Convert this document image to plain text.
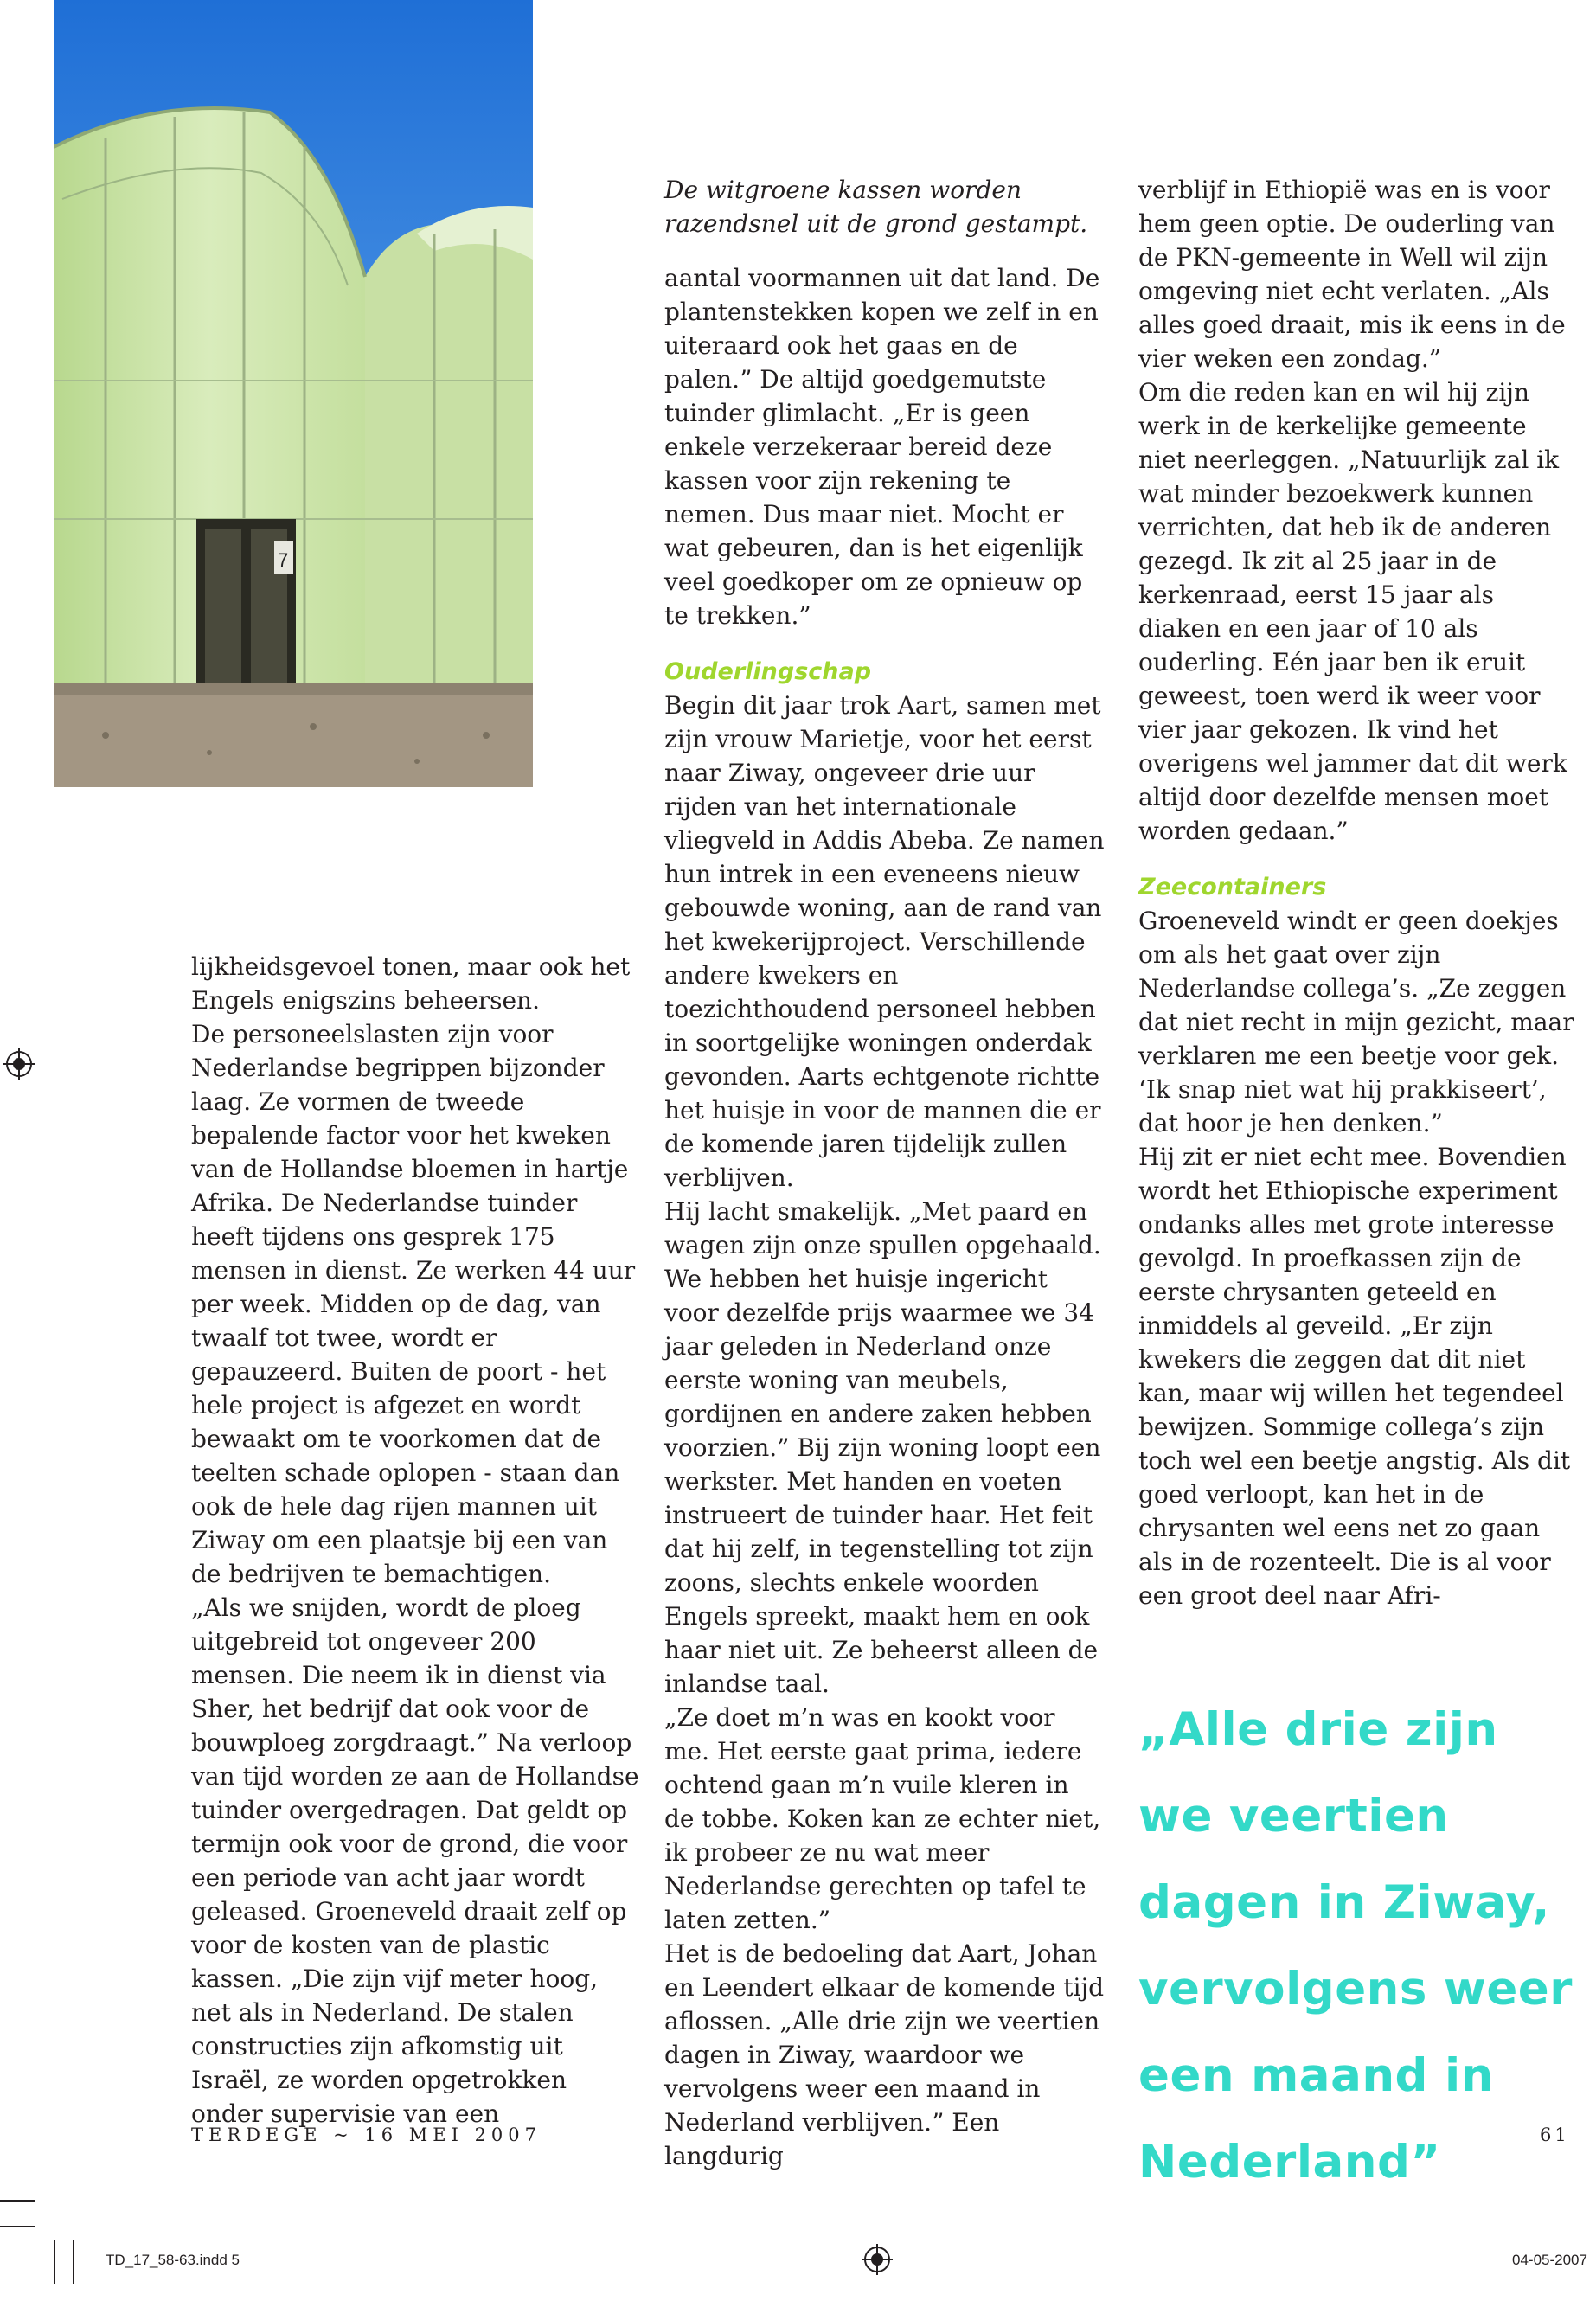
7

lijkheidsgevoel tonen, maar ook het Engels enigszins beheersen.

De personeelslasten zijn voor Nederlandse begrippen bijzonder laag. Ze vormen de tweede bepalende factor voor het kweken van de Hollandse bloemen in hartje Afrika. De Nederlandse tuinder heeft tijdens ons gesprek 175 mensen in dienst. Ze werken 44 uur per week. Midden op de dag, van twaalf tot twee, wordt er gepauzeerd. Buiten de poort - het hele project is afgezet en wordt bewaakt om te voorkomen dat de teelten schade oplopen - staan dan ook de hele dag rijen mannen uit Ziway om een plaatsje bij een van de bedrijven te bemachtigen.

„Als we snijden, wordt de ploeg uitgebreid tot ongeveer 200 mensen. Die neem ik in dienst via Sher, het bedrijf dat ook voor de bouwploeg zorgdraagt.” Na verloop van tijd worden ze aan de Hollandse tuinder overgedragen. Dat geldt op termijn ook voor de grond, die voor een periode van acht jaar wordt geleased. Groeneveld draait zelf op voor de kosten van de plastic kassen. „Die zijn vijf meter hoog, net als in Nederland. De stalen constructies zijn afkomstig uit Israël, ze worden opgetrokken onder supervisie van een

De witgroene kassen worden razendsnel uit de grond gestampt.

aantal voormannen uit dat land. De plantenstekken kopen we zelf in en uiteraard ook het gaas en de palen.” De altijd goedgemutste tuinder glimlacht. „Er is geen enkele verzekeraar bereid deze kassen voor zijn rekening te nemen. Dus maar niet. Mocht er wat gebeuren, dan is het eigenlijk veel goedkoper om ze opnieuw op te trekken.”

Ouderlingschap

Begin dit jaar trok Aart, samen met zijn vrouw Marietje, voor het eerst naar Ziway, ongeveer drie uur rijden van het internationale vliegveld in Addis Abeba. Ze namen hun intrek in een eveneens nieuw gebouwde woning, aan de rand van het kwekerijproject. Verschillende andere kwekers en toezichthoudend personeel hebben in soortgelijke woningen onderdak gevonden. Aarts echtgenote richtte het huisje in voor de mannen die er de komende jaren tijdelijk zullen verblijven.

Hij lacht smakelijk. „Met paard en wagen zijn onze spullen opgehaald. We hebben het huisje ingericht voor dezelfde prijs waarmee we 34 jaar geleden in Nederland onze eerste woning van meubels, gordijnen en andere zaken hebben voorzien.” Bij zijn woning loopt een werkster. Met handen en voeten instrueert de tuinder haar. Het feit dat hij zelf, in tegenstelling tot zijn zoons, slechts enkele woorden Engels spreekt, maakt hem en ook haar niet uit. Ze beheerst alleen de inlandse taal.

„Ze doet m’n was en kookt voor me. Het eerste gaat prima, iedere ochtend gaan m’n vuile kleren in de tobbe. Koken kan ze echter niet, ik probeer ze nu wat meer Nederlandse gerechten op tafel te laten zetten.”

Het is de bedoeling dat Aart, Johan en Leendert elkaar de komende tijd aflossen. „Alle drie zijn we veertien dagen in Ziway, waardoor we vervolgens weer een maand in Nederland verblijven.” Een langdurig

verblijf in Ethiopië was en is voor hem geen optie. De ouderling van de PKN-gemeente in Well wil zijn omgeving niet echt verlaten. „Als alles goed draait, mis ik eens in de vier weken een zondag.”

Om die reden kan en wil hij zijn werk in de kerkelijke gemeente niet neerleggen. „Natuurlijk zal ik wat minder bezoekwerk kunnen verrichten, dat heb ik de anderen gezegd. Ik zit al 25 jaar in de kerkenraad, eerst 15 jaar als diaken en een jaar of 10 als ouderling. Eén jaar ben ik eruit geweest, toen werd ik weer voor vier jaar gekozen. Ik vind het overigens wel jammer dat dit werk altijd door dezelfde mensen moet worden gedaan.”

Zeecontainers

Groeneveld windt er geen doekjes om als het gaat over zijn Nederlandse collega’s. „Ze zeggen dat niet recht in mijn gezicht, maar verklaren me een beetje voor gek. ‘Ik snap niet wat hij prakkiseert’, dat hoor je hen denken.”

Hij zit er niet echt mee. Bovendien wordt het Ethiopische experiment ondanks alles met grote interesse gevolgd. In proefkassen zijn de eerste chrysanten geteeld en inmiddels al geveild. „Er zijn kwekers die zeggen dat dit niet kan, maar wij willen het tegendeel bewijzen. Sommige collega’s zijn toch wel een beetje angstig. Als dit goed verloopt, kan het in de chrysanten wel eens net zo gaan als in de rozenteelt. Die is al voor een groot deel naar Afri-

„Alle drie zijn we veertien dagen in Ziway, vervolgens weer een maand in Nederland”
TERDEGE ~ 16 MEI 2007	61
TD_17_58-63.indd 5	04-05-2007
